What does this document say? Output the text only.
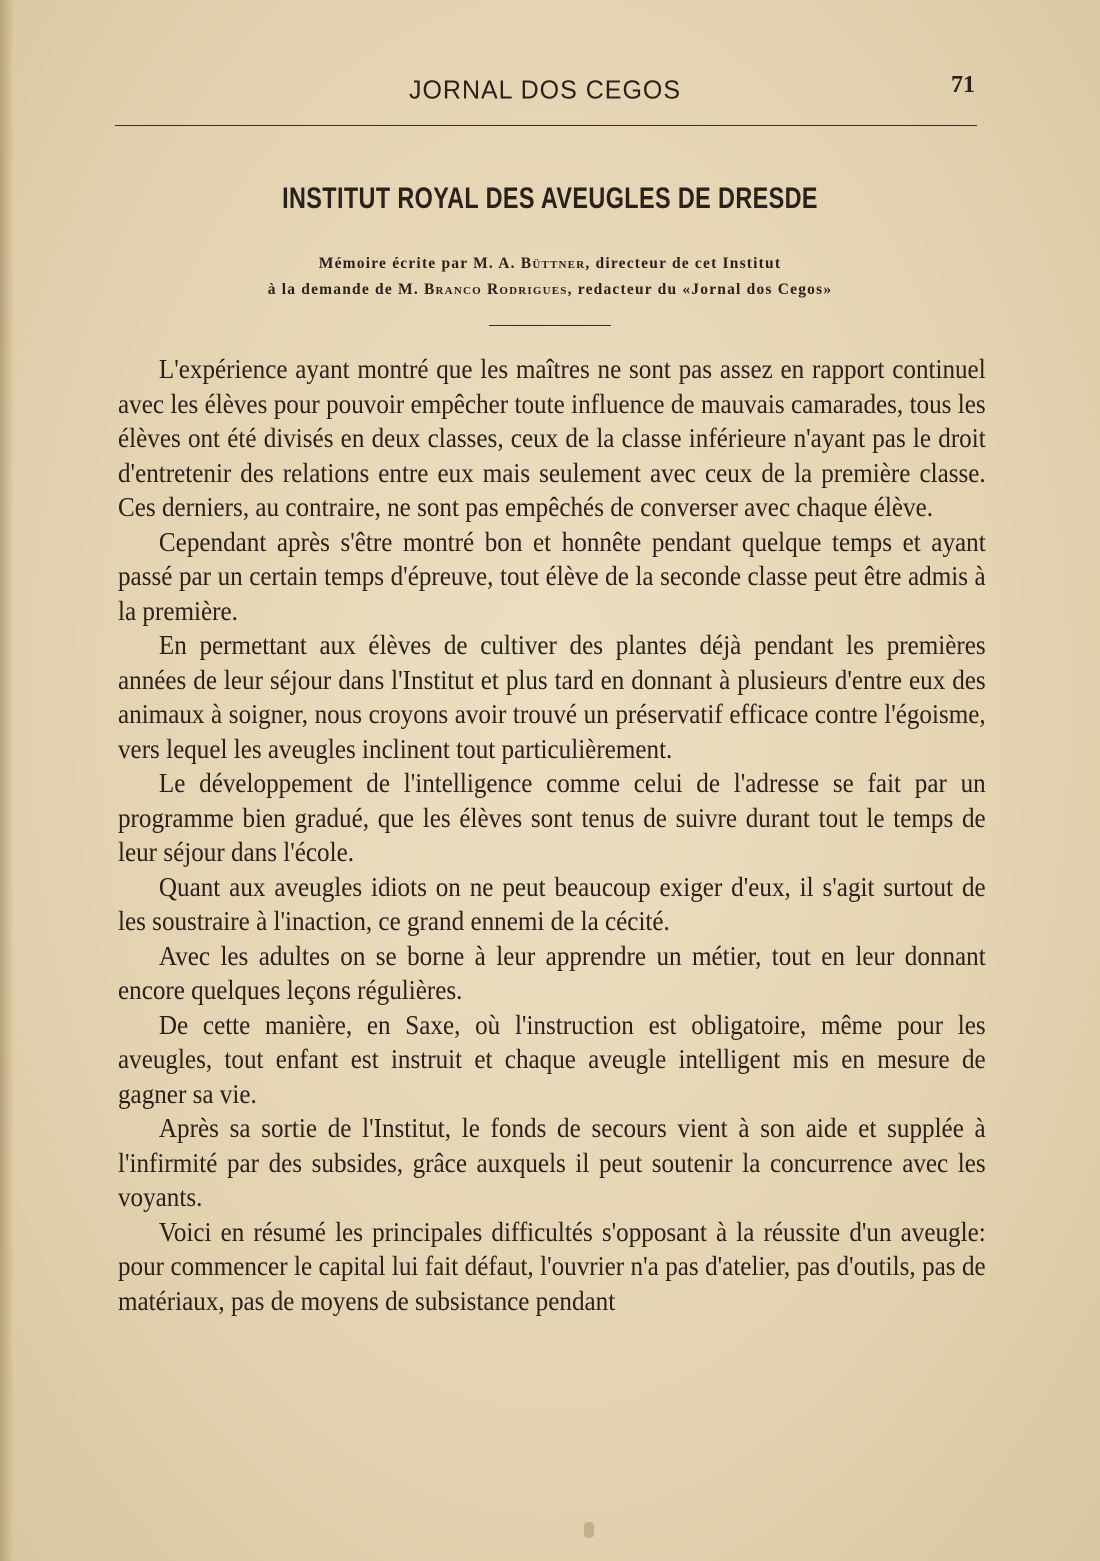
JORNAL DOS CEGOS	71
INSTITUT ROYAL DES AVEUGLES DE DRESDE
Mémoire écrite par M. A. Büttner, directeur de cet Institut
à la demande de M. Branco Rodrigues, redacteur du «Jornal dos Cegos»

L'expérience ayant montré que les maîtres ne sont pas assez en rapport continuel avec les élèves pour pouvoir empêcher toute influence de mauvais camarades, tous les élèves ont été divisés en deux classes, ceux de la classe inférieure n'ayant pas le droit d'entretenir des relations entre eux mais seulement avec ceux de la première classe. Ces derniers, au contraire, ne sont pas empêchés de converser avec chaque élève.

Cependant après s'être montré bon et honnête pendant quelque temps et ayant passé par un certain temps d'épreuve, tout élève de la seconde classe peut être admis à la première.

En permettant aux élèves de cultiver des plantes déjà pendant les premières années de leur séjour dans l'Institut et plus tard en donnant à plusieurs d'entre eux des animaux à soigner, nous croyons avoir trouvé un préservatif efficace contre l'égoisme, vers lequel les aveugles inclinent tout particulièrement.

Le développement de l'intelligence comme celui de l'adresse se fait par un programme bien gradué, que les élèves sont tenus de suivre durant tout le temps de leur séjour dans l'école.

Quant aux aveugles idiots on ne peut beaucoup exiger d'eux, il s'agit surtout de les soustraire à l'inaction, ce grand ennemi de la cécité.

Avec les adultes on se borne à leur apprendre un métier, tout en leur donnant encore quelques leçons régulières.

De cette manière, en Saxe, où l'instruction est obligatoire, même pour les aveugles, tout enfant est instruit et chaque aveugle intelligent mis en mesure de gagner sa vie.

Après sa sortie de l'Institut, le fonds de secours vient à son aide et supplée à l'infirmité par des subsides, grâce auxquels il peut soutenir la concurrence avec les voyants.

Voici en résumé les principales difficultés s'opposant à la réussite d'un aveugle: pour commencer le capital lui fait défaut, l'ouvrier n'a pas d'atelier, pas d'outils, pas de matériaux, pas de moyens de subsistance pendant
